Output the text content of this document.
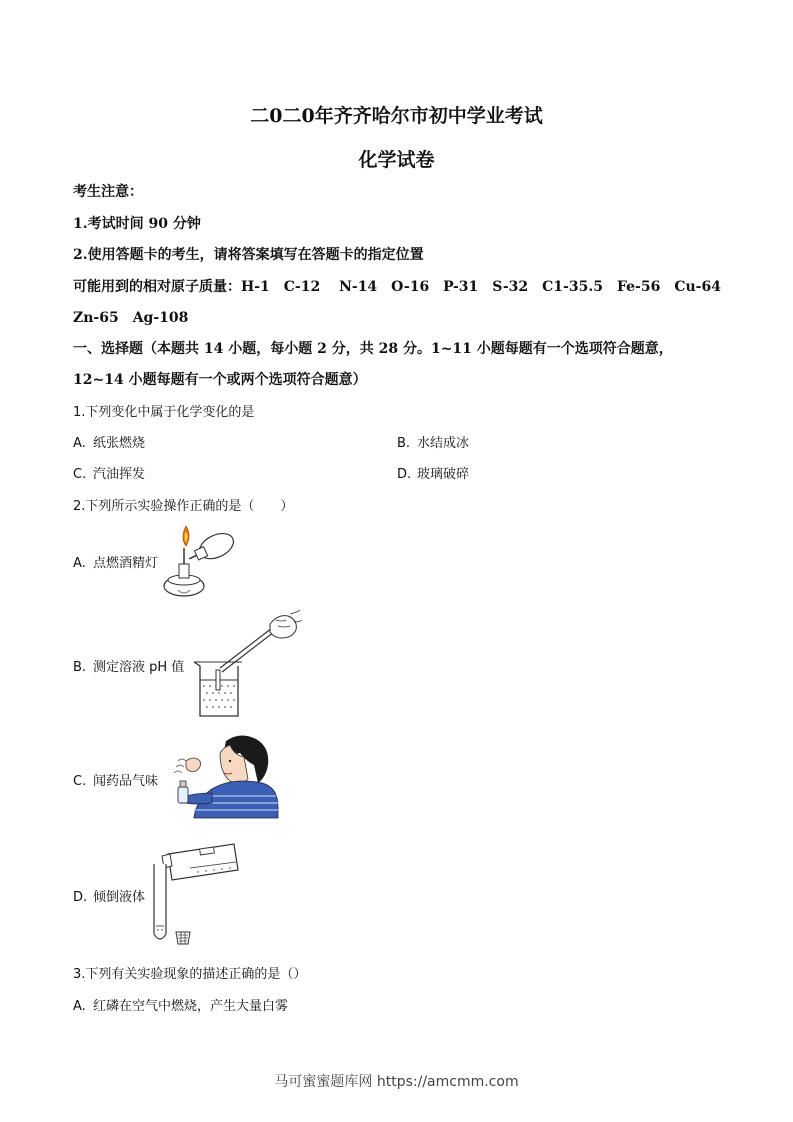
二0二0年齐齐哈尔市初中学业考试
化学试卷
考生注意：
1.考试时间 90 分钟
2.使用答题卡的考生，请将答案填写在答题卡的指定位置
可能用到的相对原子质量：H-1　C-12　 N-14　O-16　P-31　S-32　C1-35.5　Fe-56　Cu-64
Zn-65　Ag-108
一、选择题（本题共 14 小题，每小题 2 分，共 28 分。1~11 小题每题有一个选项符合题意，
12~14 小题每题有一个或两个选项符合题意）
1.下列变化中属于化学变化的是
A. 纸张燃烧	B. 水结成冰
C. 汽油挥发	D. 玻璃破碎
2.下列所示实验操作正确的是（　　）
A. 点燃酒精灯
B. 测定溶液 pH 值
C. 闻药品气味
D. 倾倒液体
3.下列有关实验现象的描述正确的是（）
A. 红磷在空气中燃烧，产生大量白雾
马可蜜蜜题库网 https://amcmm.com
